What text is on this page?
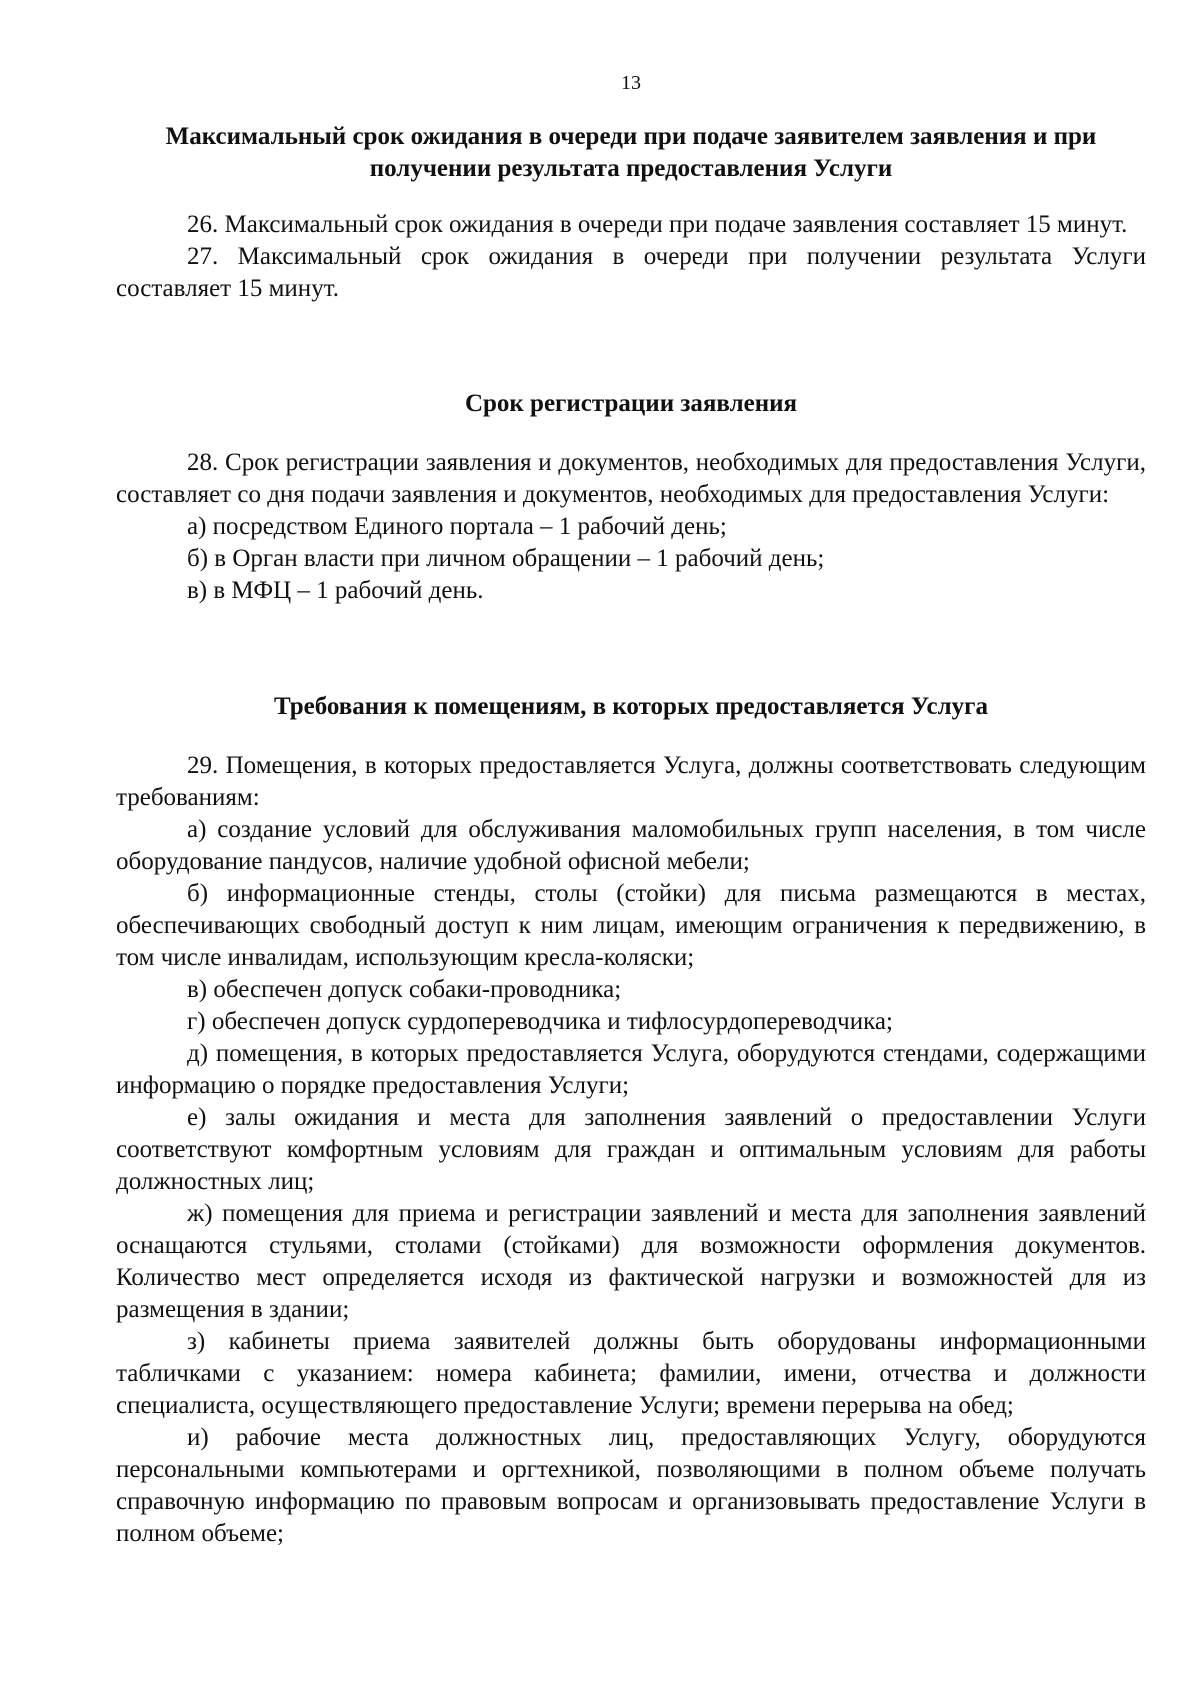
13
Максимальный срок ожидания в очереди при подаче заявителем заявления и при получении результата предоставления Услуги

26. Максимальный срок ожидания в очереди при подаче заявления составляет 15 минут.

27. Максимальный срок ожидания в очереди при получении результата Услуги составляет 15 минут.

Срок регистрации заявления

28. Срок регистрации заявления и документов, необходимых для предоставления Услуги, составляет со дня подачи заявления и документов, необходимых для предоставления Услуги:

а) посредством Единого портала – 1 рабочий день;

б) в Орган власти при личном обращении – 1 рабочий день;

в) в МФЦ – 1 рабочий день.

Требования к помещениям, в которых предоставляется Услуга

29. Помещения, в которых предоставляется Услуга, должны соответствовать следующим требованиям:

а) создание условий для обслуживания маломобильных групп населения, в том числе оборудование пандусов, наличие удобной офисной мебели;

б) информационные стенды, столы (стойки) для письма размещаются в местах, обеспечивающих свободный доступ к ним лицам, имеющим ограничения к передвижению, в том числе инвалидам, использующим кресла-коляски;

в) обеспечен допуск собаки-проводника;

г) обеспечен допуск сурдопереводчика и тифлосурдопереводчика;

д) помещения, в которых предоставляется Услуга, оборудуются стендами, содержащими информацию о порядке предоставления Услуги;

е) залы ожидания и места для заполнения заявлений о предоставлении Услуги соответствуют комфортным условиям для граждан и оптимальным условиям для работы должностных лиц;

ж) помещения для приема и регистрации заявлений и места для заполнения заявлений оснащаются стульями, столами (стойками) для возможности оформления документов. Количество мест определяется исходя из фактической нагрузки и возможностей для из размещения в здании;

з) кабинеты приема заявителей должны быть оборудованы информационными табличками с указанием: номера кабинета; фамилии, имени, отчества и должности специалиста, осуществляющего предоставление Услуги; времени перерыва на обед;

и) рабочие места должностных лиц, предоставляющих Услугу, оборудуются персональными компьютерами и оргтехникой, позволяющими в полном объеме получать справочную информацию по правовым вопросам и организовывать предоставление Услуги в полном объеме;
